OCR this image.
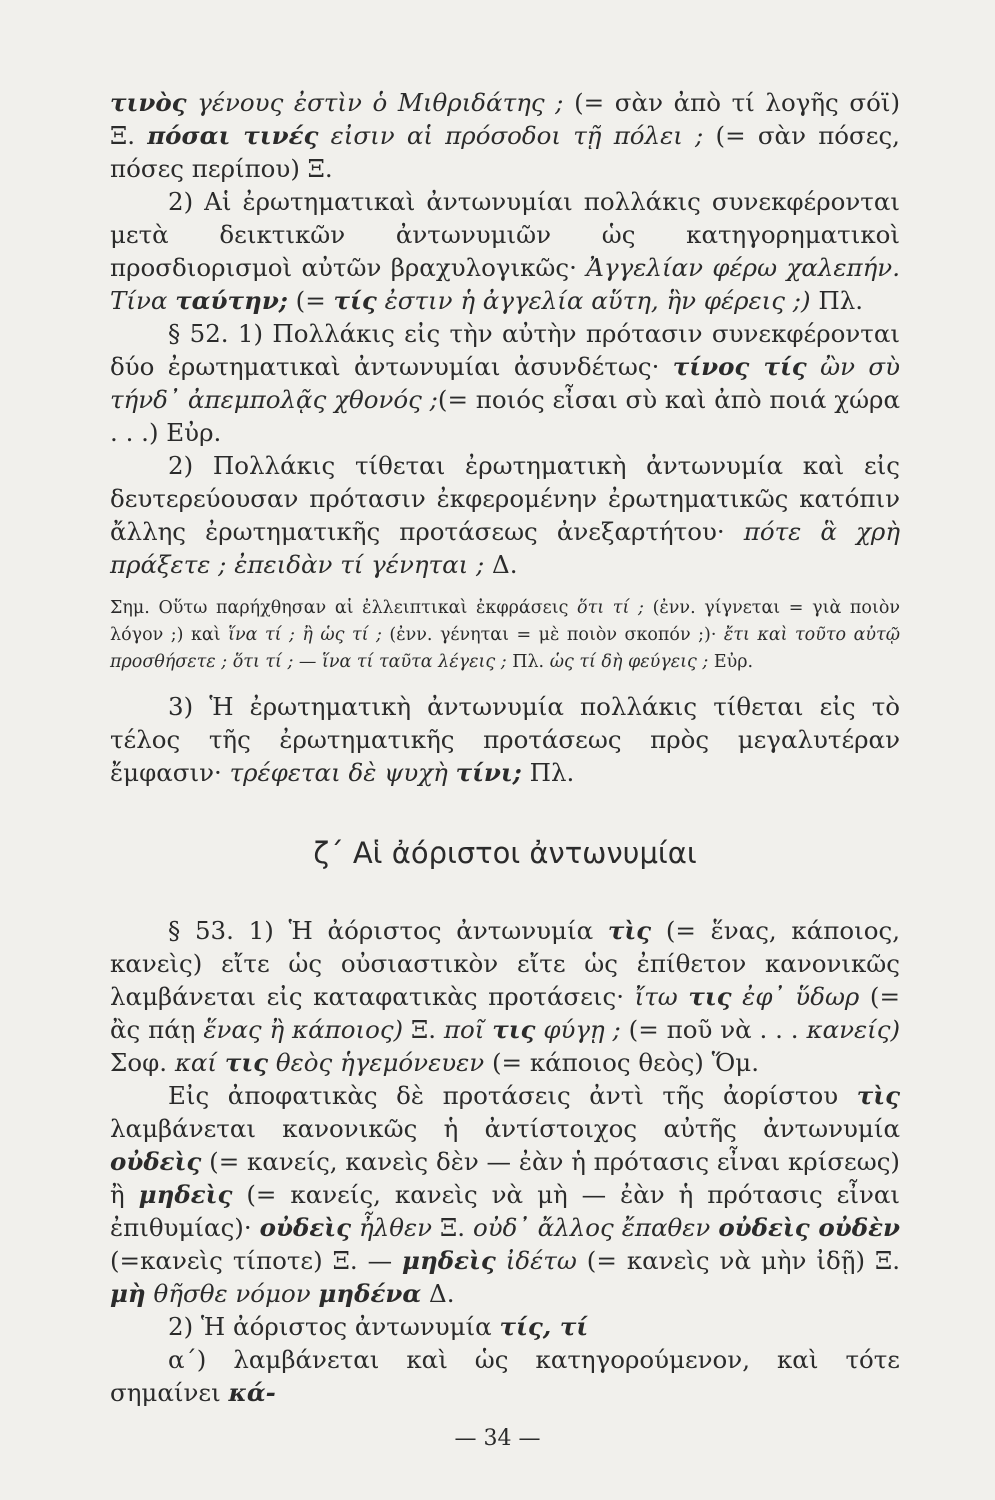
τινὸς γένους ἐστὶν ὁ Μιθριδάτης ; (= σὰν ἀπὸ τί λογῆς σόϊ) Ξ. πόσαι τινές εἰσιν αἱ πρόσοδοι τῇ πόλει ; (= σὰν πόσες, πόσες περίπου) Ξ.

2) Αἱ ἐρωτηματικαὶ ἀντωνυμίαι πολλάκις συνεκφέρονται μετὰ δεικτικῶν ἀντωνυμιῶν ὡς κατηγορηματικοὶ προσδιορισμοὶ αὐτῶν βραχυλογικῶς· Ἀγγελίαν φέρω χαλεπήν. Τίνα ταύτην; (= τίς ἐστιν ἡ ἀγγελία αὕτη, ἣν φέρεις ;) Πλ.

§ 52. 1) Πολλάκις εἰς τὴν αὐτὴν πρότασιν συνεκφέρονται δύο ἐρωτηματικαὶ ἀντωνυμίαι ἀσυνδέτως· τίνος τίς ὢν σὺ τήνδ᾽ ἀπεμπολᾷς χθονός ;(= ποιός εἶσαι σὺ καὶ ἀπὸ ποιά χώρα . . .) Εὐρ.

2) Πολλάκις τίθεται ἐρωτηματικὴ ἀντωνυμία καὶ εἰς δευτερεύουσαν πρότασιν ἐκφερομένην ἐρωτηματικῶς κατόπιν ἄλλης ἐρωτηματικῆς προτάσεως ἀνεξαρτήτου· πότε ἃ χρὴ πράξετε ; ἐπειδὰν τί γένηται ; Δ.

Σημ. Οὕτω παρήχθησαν αἱ ἐλλειπτικαὶ ἐκφράσεις ὅτι τί ; (ἐνν. γίγνεται = γιὰ ποιὸν λόγον ;) καὶ ἵνα τί ; ἢ ὡς τί ; (ἐνν. γένηται = μὲ ποιὸν σκοπόν ;)· ἔτι καὶ τοῦτο αὐτῷ προσθήσετε ; ὅτι τί ; — ἵνα τί ταῦτα λέγεις ; Πλ. ὡς τί δὴ φεύγεις ; Εὐρ.

3) Ἡ ἐρωτηματικὴ ἀντωνυμία πολλάκις τίθεται εἰς τὸ τέλος τῆς ἐρωτηματικῆς προτάσεως πρὸς μεγαλυτέραν ἔμφασιν· τρέφεται δὲ ψυχὴ τίνι; Πλ.

ζ΄ Αἱ ἀόριστοι ἀντωνυμίαι

§ 53. 1) Ἡ ἀόριστος ἀντωνυμία τὶς (= ἕνας, κάποιος, κανεὶς) εἴτε ὡς οὐσιαστικὸν εἴτε ὡς ἐπίθετον κανονικῶς λαμβάνεται εἰς καταφατικὰς προτάσεις· ἴτω τις ἐφ᾽ ὕδωρ (= ἂς πάῃ ἕνας ἢ κάποιος) Ξ. ποῖ τις φύγῃ ; (= ποῦ νὰ . . . κανείς) Σοφ. καί τις θεὸς ἡγεμόνευεν (= κάποιος θεὸς) Ὅμ.

Εἰς ἀποφατικὰς δὲ προτάσεις ἀντὶ τῆς ἀορίστου τὶς λαμβάνεται κανονικῶς ἡ ἀντίστοιχος αὐτῆς ἀντωνυμία οὐδεὶς (= κανείς, κανεὶς δὲν — ἐὰν ἡ πρότασις εἶναι κρίσεως) ἢ μηδεὶς (= κανείς, κανεὶς νὰ μὴ — ἐὰν ἡ πρότασις εἶναι ἐπιθυμίας)· οὐδεὶς ἦλθεν Ξ. οὐδ᾽ ἄλλος ἔπαθεν οὐδεὶς οὐδὲν (=κανεὶς τίποτε) Ξ. — μηδεὶς ἰδέτω (= κανεὶς νὰ μὴν ἰδῇ) Ξ. μὴ θῆσθε νόμον μηδένα Δ.

2) Ἡ ἀόριστος ἀντωνυμία τίς, τί

α΄) λαμβάνεται καὶ ὡς κατηγορούμενον, καὶ τότε σημαίνει κά-

— 34 —
